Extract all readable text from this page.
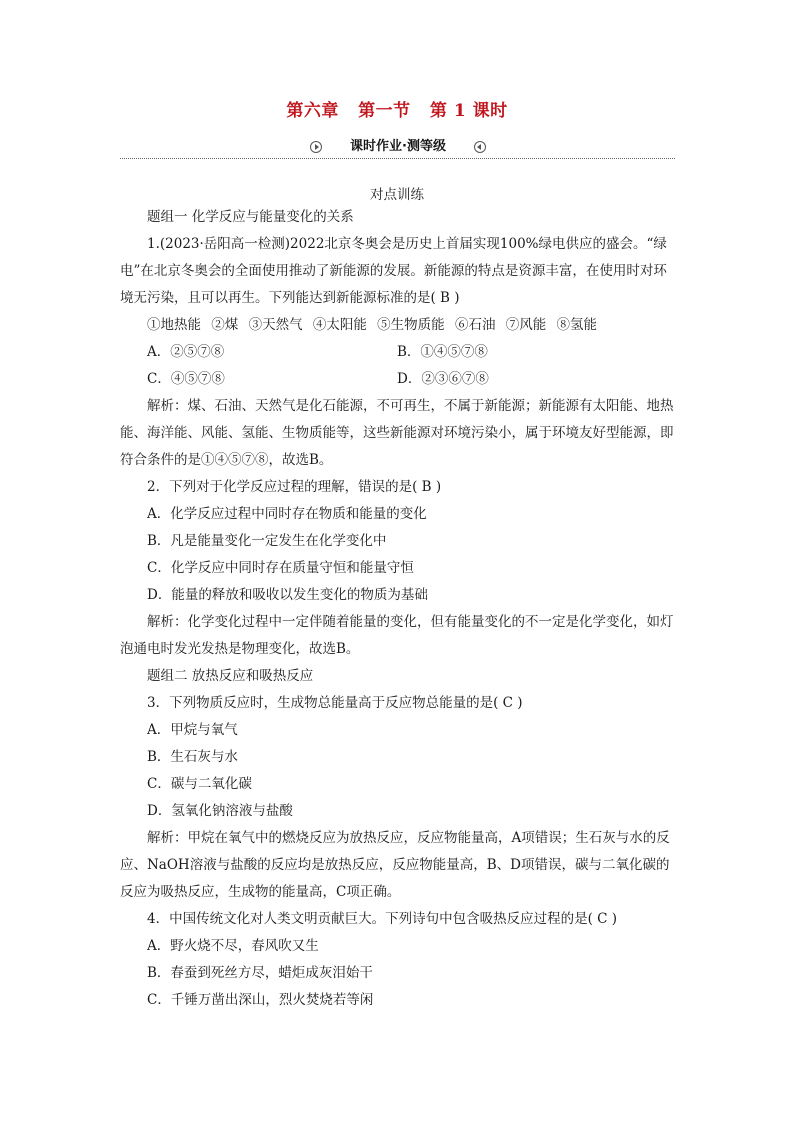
第六章   第一节   第 1 课时
课时作业·测等级
对点训练

题组一 化学反应与能量变化的关系

1.(2023·岳阳高一检测)2022北京冬奥会是历史上首届实现100%绿电供应的盛会。“绿电”在北京冬奥会的全面使用推动了新能源的发展。新能源的特点是资源丰富，在使用时对环境无污染，且可以再生。下列能达到新能源标准的是( B )

①地热能 ②煤 ③天然气 ④太阳能 ⑤生物质能 ⑥石油 ⑦风能 ⑧氢能
A．②⑤⑦⑧	B．①④⑤⑦⑧
C．④⑤⑦⑧	D．②③⑥⑦⑧

解析：煤、石油、天然气是化石能源，不可再生，不属于新能源；新能源有太阳能、地热能、海洋能、风能、氢能、生物质能等，这些新能源对环境污染小，属于环境友好型能源，即符合条件的是①④⑤⑦⑧，故选B。

2．下列对于化学反应过程的理解，错误的是( B )

A．化学反应过程中同时存在物质和能量的变化
B．凡是能量变化一定发生在化学变化中
C．化学反应中同时存在质量守恒和能量守恒
D．能量的释放和吸收以发生变化的物质为基础

解析：化学变化过程中一定伴随着能量的变化，但有能量变化的不一定是化学变化，如灯泡通电时发光发热是物理变化，故选B。

题组二 放热反应和吸热反应

3．下列物质反应时，生成物总能量高于反应物总能量的是( C )

A．甲烷与氧气
B．生石灰与水
C．碳与二氧化碳
D．氢氧化钠溶液与盐酸

解析：甲烷在氧气中的燃烧反应为放热反应，反应物能量高，A项错误；生石灰与水的反应、NaOH溶液与盐酸的反应均是放热反应，反应物能量高，B、D项错误，碳与二氧化碳的反应为吸热反应，生成物的能量高，C项正确。

4．中国传统文化对人类文明贡献巨大。下列诗句中包含吸热反应过程的是( C )

A．野火烧不尽，春风吹又生
B．春蚕到死丝方尽，蜡炬成灰泪始干
C．千锤万凿出深山，烈火焚烧若等闲
